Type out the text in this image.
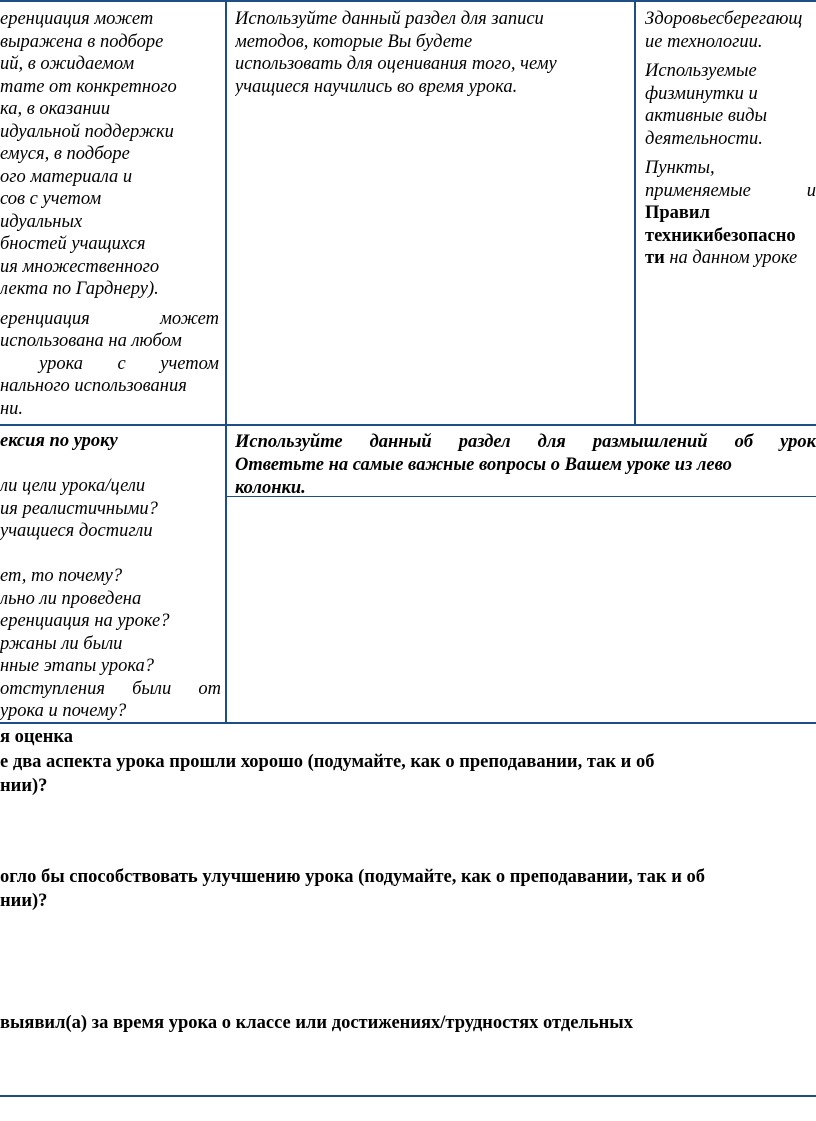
еренциация может
выражена в подборе
ий, в ожидаемом
тате от конкретного
ка, в оказании
идуальной поддержки
емуся, в подборе
ого материала и
сов с учетом
идуальных
бностей учащихся
ия множественного
лекта по Гарднеру).
еренциация	может
использована на любом

урока с учетом
нального использования
ни.
Используйте данный раздел для записи
методов, которые Вы будете
использовать для оценивания того, чему
учащиеся научились во время урока.
Здоровьесберегающ
ие технологии.
Используемые
физминутки и
активные виды
деятельности.
Пункты,
применяемые	и
Правил
техникибезопасно
ти на данном уроке
ексия по уроку

ли цели урока/цели
ия реалистичными?
учащиеся достигли

ет, то почему?
льно ли проведена
еренциация на уроке?
ржаны ли были
нные этапы урока?
отступления были от
урока и почему?
Используйте данный раздел для размышлений об урок
Ответьте на самые важные вопросы о Вашем уроке из лево
колонки.
я оценка
е два аспекта урока прошли хорошо (подумайте, как о преподавании, так и об
нии)?
огло бы способствовать улучшению урока (подумайте, как о преподавании, так и об
нии)?
выявил(а) за время урока о классе или достижениях/трудностях отдельных
